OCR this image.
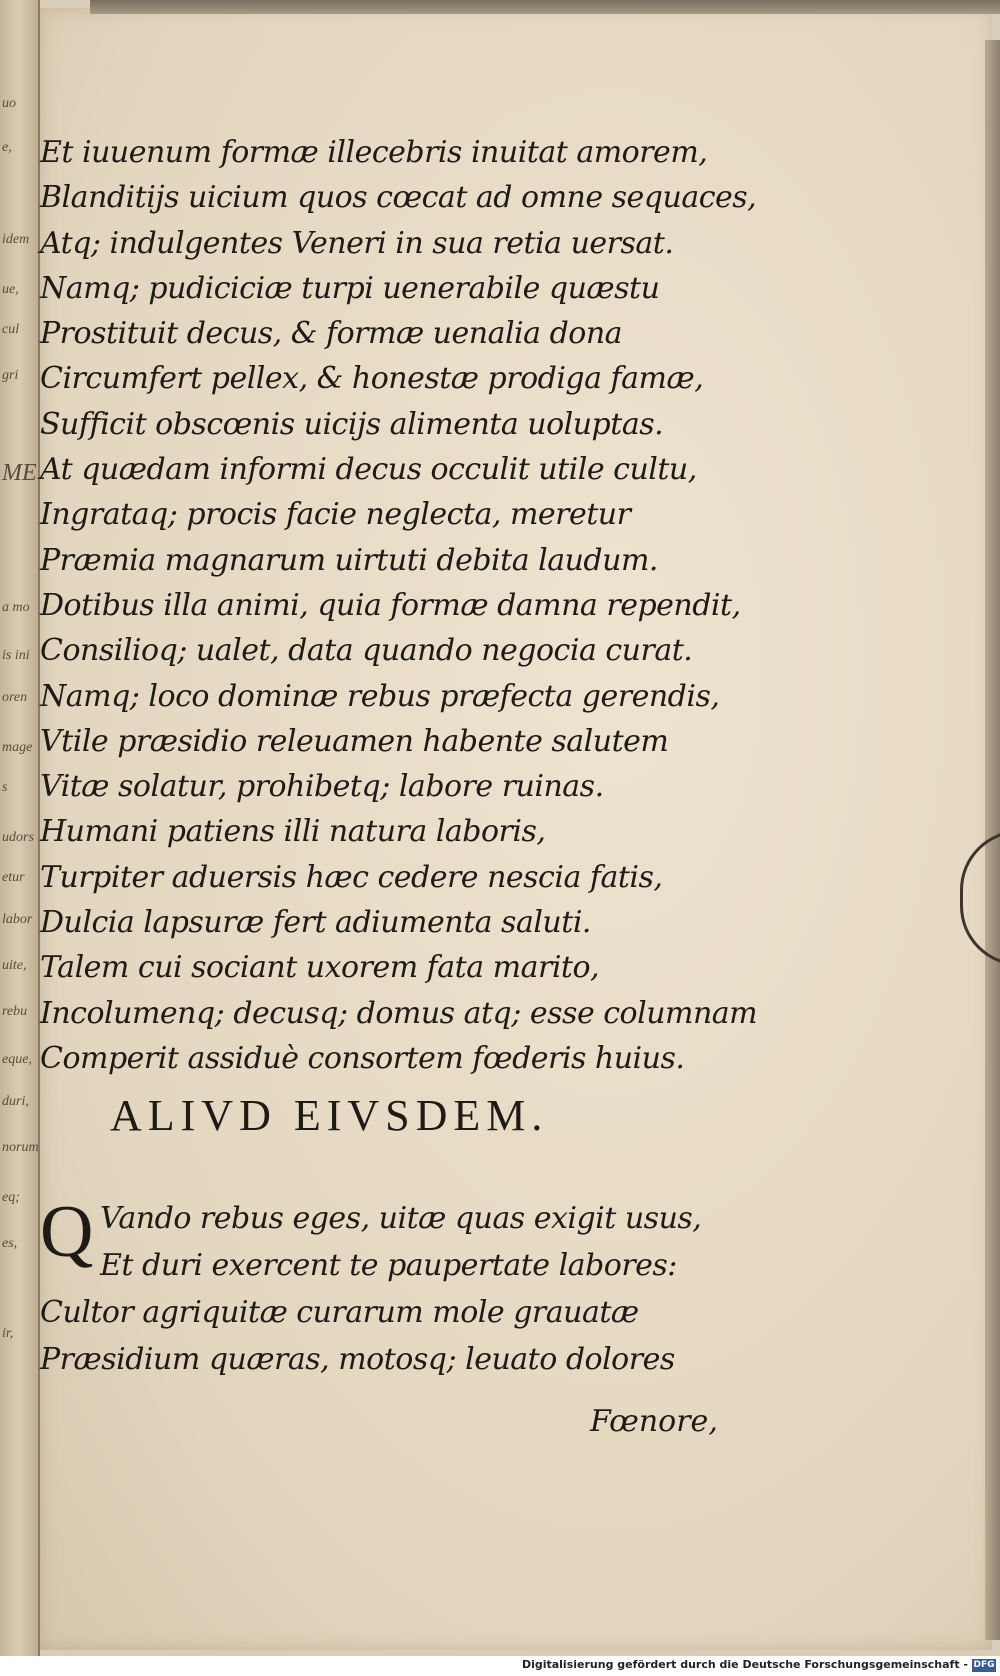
uo
e,
idem
ue,
cul
gri
ME
a mo
is ini
oren
mage
s
udors
etur
labor
uite,
rebu
eque,
duri,
norum
eq;
es,
ir,
Et iuuenum formæ illecebris inuitat amorem,
Blanditijs uicium quos cœcat ad omne sequaces,
Atq; indulgentes Veneri in sua retia uersat.
Namq; pudiciciæ turpi uenerabile quæstu
Prostituit decus, & formæ uenalia dona
Circumfert pellex, & honestæ prodiga famæ,
Sufficit obscœnis uicijs alimenta uoluptas.
At quædam informi decus occulit utile cultu,
Ingrataq; procis facie neglecta, meretur
Præmia magnarum uirtuti debita laudum.
Dotibus illa animi, quia formæ damna rependit,
Consilioq; ualet, data quando negocia curat.
Namq; loco dominæ rebus præfecta gerendis,
Vtile præsidio releuamen habente salutem
Vitæ solatur, prohibetq; labore ruinas.
Humani patiens illi natura laboris,
Turpiter aduersis hæc cedere nescia fatis,
Dulcia lapsuræ fert adiumenta saluti.
Talem cui sociant uxorem fata marito,
Incolumenq; decusq; domus atq; esse columnam
Comperit assiduè consortem fœderis huius.
ALIVD EIVSDEM.
Q Vando rebus eges, uitæ quas exigit usus,
Et duri exercent te paupertate labores:
Cultor agriquitæ curarum mole grauatæ
Præsidium quæras, motosq; leuato dolores
Fœnore,
Digitalisierung gefördert durch die Deutsche Forschungsgemeinschaft - DFG
